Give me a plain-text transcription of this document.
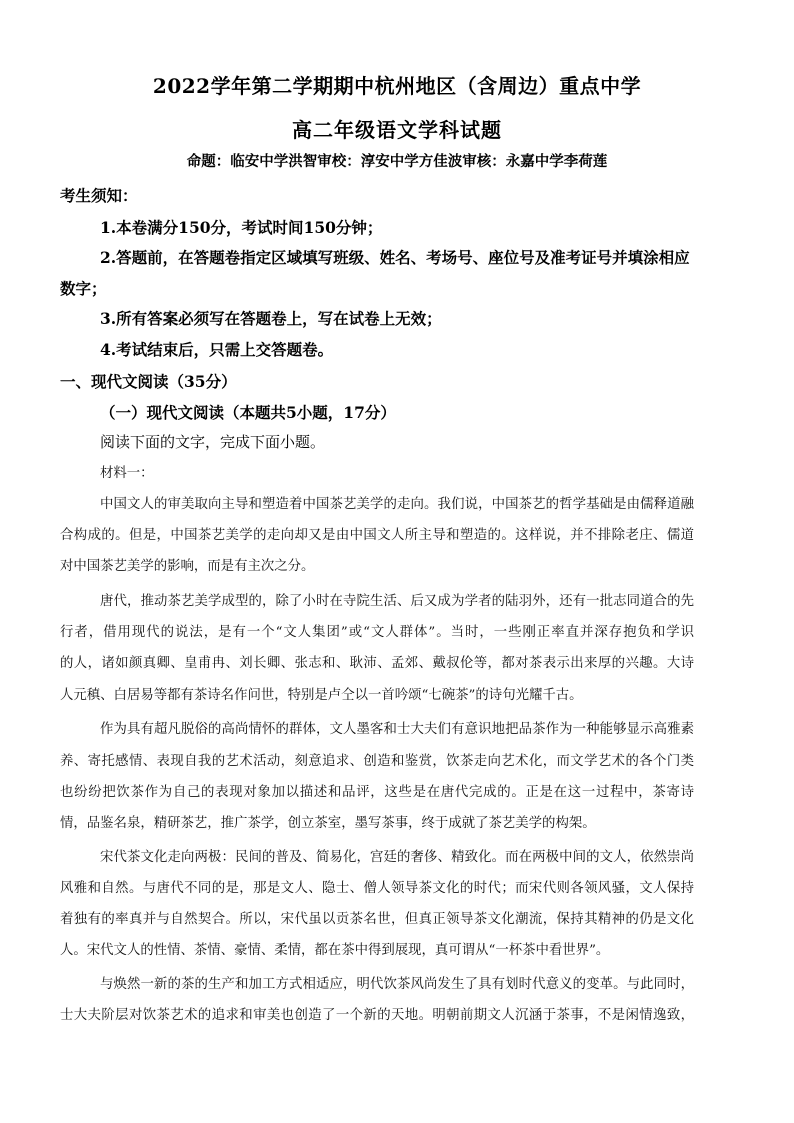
2022学年第二学期期中杭州地区（含周边）重点中学
高二年级语文学科试题
命题：临安中学洪智审校：淳安中学方佳波审核：永嘉中学李荷莲
考生须知：
1.本卷满分150分，考试时间150分钟；
2.答题前，在答题卷指定区域填写班级、姓名、考场号、座位号及准考证号并填涂相应
数字；
3.所有答案必须写在答题卷上，写在试卷上无效；
4.考试结束后，只需上交答题卷。
一、现代文阅读（35分）
（一）现代文阅读（本题共5小题，17分）
阅读下面的文字，完成下面小题。
材料一：
中国文人的审美取向主导和塑造着中国茶艺美学的走向。我们说，中国茶艺的哲学基础是由儒释道融
合构成的。但是，中国茶艺美学的走向却又是由中国文人所主导和塑造的。这样说，并不排除老庄、儒道
对中国茶艺美学的影响，而是有主次之分。
唐代，推动茶艺美学成型的，除了小时在寺院生活、后又成为学者的陆羽外，还有一批志同道合的先
行者，借用现代的说法，是有一个“文人集团”或“文人群体”。当时，一些刚正率直并深存抱负和学识
的人，诸如颜真卿、皇甫冉、刘长卿、张志和、耿沛、孟郊、戴叔伦等，都对茶表示出来厚的兴趣。大诗
人元稹、白居易等都有茶诗名作问世，特别是卢仝以一首吟颂“七碗茶”的诗句光耀千古。
作为具有超凡脱俗的高尚情怀的群体，文人墨客和士大夫们有意识地把品茶作为一种能够显示高雅素
养、寄托感情、表现自我的艺术活动，刻意追求、创造和鉴赏，饮茶走向艺术化，而文学艺术的各个门类
也纷纷把饮茶作为自己的表现对象加以描述和品评，这些是在唐代完成的。正是在这一过程中，茶寄诗
情，品鉴名泉，精研茶艺，推广茶学，创立茶室，墨写茶事，终于成就了茶艺美学的构架。
宋代茶文化走向两极：民间的普及、简易化，宫廷的奢侈、精致化。而在两极中间的文人，依然崇尚
风雅和自然。与唐代不同的是，那是文人、隐士、僧人领导茶文化的时代；而宋代则各领风骚，文人保持
着独有的率真并与自然契合。所以，宋代虽以贡茶名世，但真正领导茶文化潮流，保持其精神的仍是文化
人。宋代文人的性情、茶情、豪情、柔情，都在茶中得到展现，真可谓从“一杯茶中看世界”。
与焕然一新的茶的生产和加工方式相适应，明代饮茶风尚发生了具有划时代意义的变革。与此同时，
士大夫阶层对饮茶艺术的追求和审美也创造了一个新的天地。明朝前期文人沉涵于茶事，不是闲情逸致，
